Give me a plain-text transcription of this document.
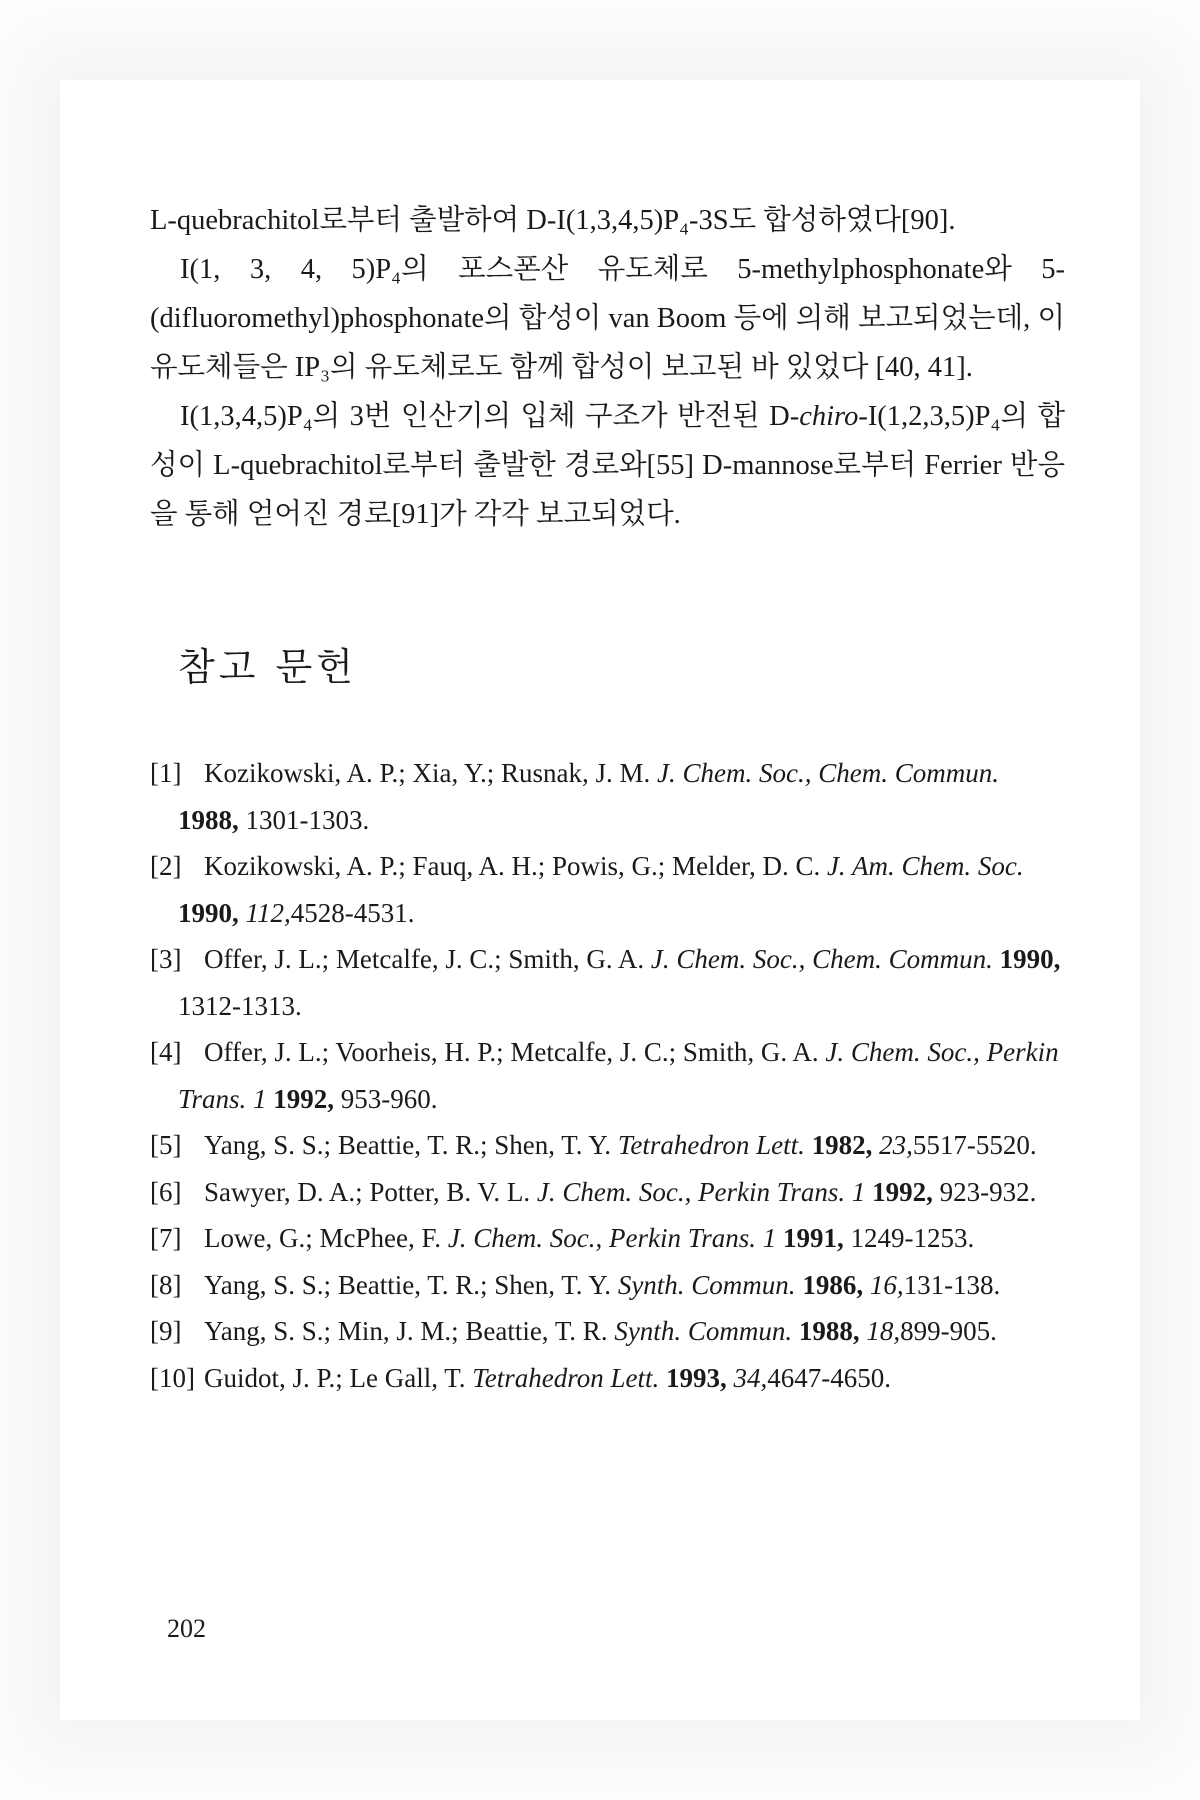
L-quebrachitol로부터 출발하여 D-I(1,3,4,5)P₄-3S도 합성하였다[90].

I(1, 3, 4, 5)P₄의 포스폰산 유도체로 5-methylphosphonate와 5-(difluoromethyl)phosphonate의 합성이 van Boom 등에 의해 보고되었는데, 이 유도체들은 IP₃의 유도체로도 함께 합성이 보고된 바 있었다 [40, 41].

I(1,3,4,5)P₄의 3번 인산기의 입체 구조가 반전된 D-chiro-I(1,2,3,5)P₄의 합성이 L-quebrachitol로부터 출발한 경로와[55] D-mannose로부터 Ferrier 반응을 통해 얻어진 경로[91]가 각각 보고되었다.

참고 문헌
[1] Kozikowski, A. P.; Xia, Y.; Rusnak, J. M. J. Chem. Soc., Chem. Commun. 1988, 1301-1303.
[2] Kozikowski, A. P.; Fauq, A. H.; Powis, G.; Melder, D. C. J. Am. Chem. Soc. 1990, 112,4528-4531.
[3] Offer, J. L.; Metcalfe, J. C.; Smith, G. A. J. Chem. Soc., Chem. Commun. 1990, 1312-1313.
[4] Offer, J. L.; Voorheis, H. P.; Metcalfe, J. C.; Smith, G. A. J. Chem. Soc., Perkin Trans. 1 1992, 953-960.
[5] Yang, S. S.; Beattie, T. R.; Shen, T. Y. Tetrahedron Lett. 1982, 23,5517-5520.
[6] Sawyer, D. A.; Potter, B. V. L. J. Chem. Soc., Perkin Trans. 1 1992, 923-932.
[7] Lowe, G.; McPhee, F. J. Chem. Soc., Perkin Trans. 1 1991, 1249-1253.
[8] Yang, S. S.; Beattie, T. R.; Shen, T. Y. Synth. Commun. 1986, 16,131-138.
[9] Yang, S. S.; Min, J. M.; Beattie, T. R. Synth. Commun. 1988, 18,899-905.
[10] Guidot, J. P.; Le Gall, T. Tetrahedron Lett. 1993, 34,4647-4650.
202
